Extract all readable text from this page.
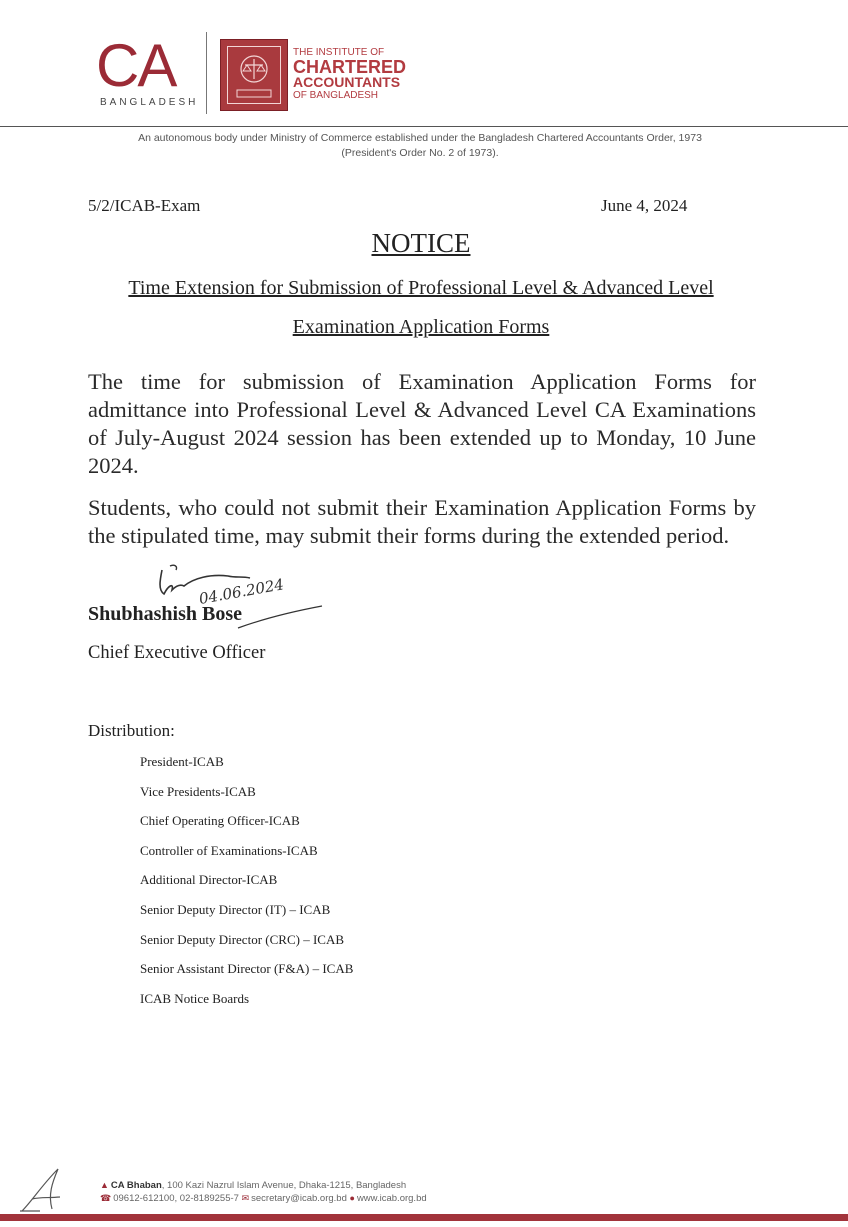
CA
BANGLADESH
THE INSTITUTE OF
CHARTERED
ACCOUNTANTS
OF BANGLADESH
An autonomous body under Ministry of Commerce established under the Bangladesh Chartered Accountants Order, 1973
(President's Order No. 2 of 1973).
5/2/ICAB-Exam	June 4, 2024
NOTICE
Time Extension for Submission of Professional Level & Advanced Level
Examination Application Forms
The time for submission of Examination Application Forms for admittance into Professional Level & Advanced Level CA Examinations of July-August 2024 session has been extended up to Monday, 10 June 2024.
Students, who could not submit their Examination Application Forms by the stipulated time, may submit their forms during the extended period.
04.06.2024
Shubhashish Bose
Chief Executive Officer
Distribution:
President-ICAB
Vice Presidents-ICAB
Chief Operating Officer-ICAB
Controller of Examinations-ICAB
Additional Director-ICAB
Senior Deputy Director (IT) – ICAB
Senior Deputy Director (CRC) – ICAB
Senior Assistant Director (F&A) – ICAB
ICAB Notice Boards
▲ CA Bhaban, 100 Kazi Nazrul Islam Avenue, Dhaka-1215, Bangladesh
☎ 09612-612100, 02-8189255-7 ✉ secretary@icab.org.bd ● www.icab.org.bd
